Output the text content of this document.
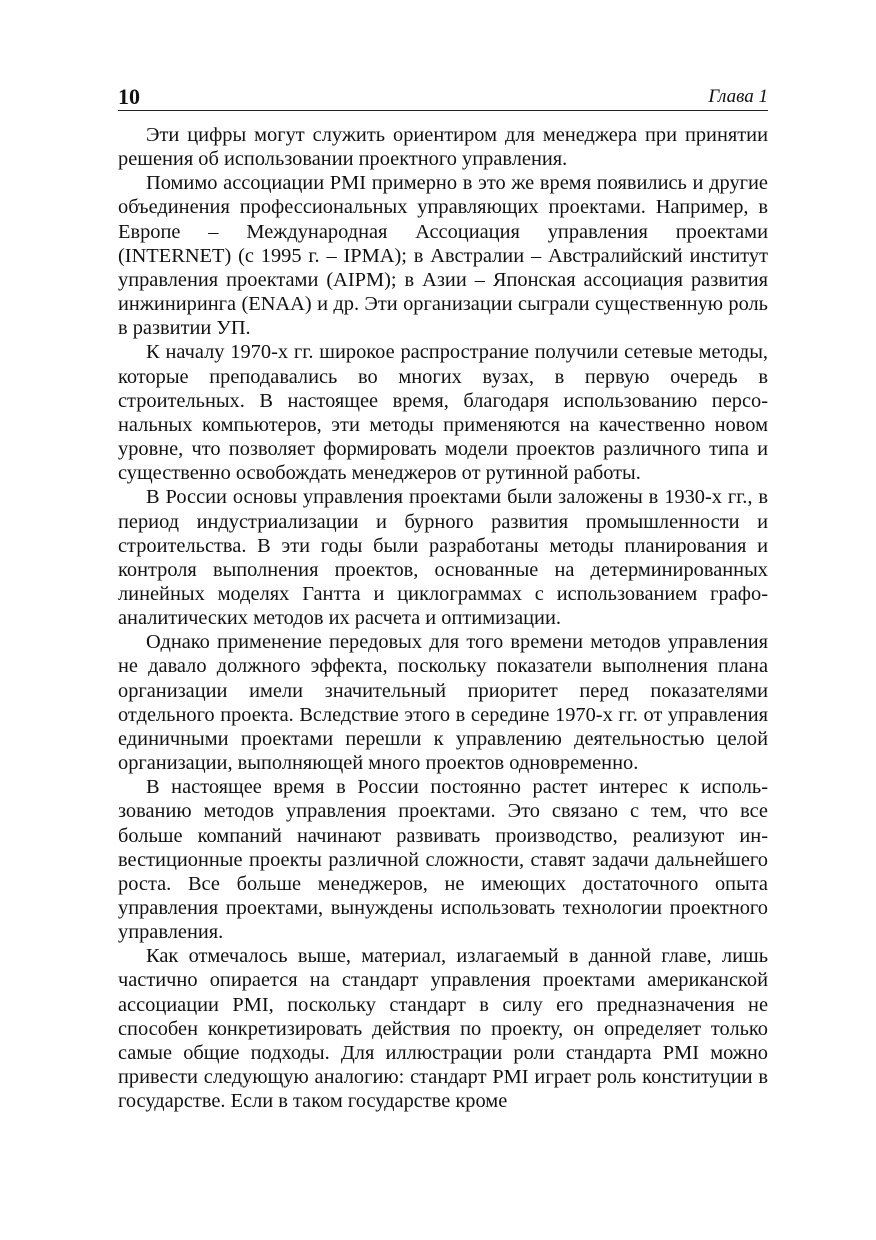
10	Глава 1

Эти цифры могут служить ориентиром для менеджера при принятии решения об использовании проектного управления.

Помимо ассоциации PMI примерно в это же время появились и другие объединения профессиональных управляющих проектами. Например, в Европе – Международная Ассоциация управления проектами (INTERNET) (с 1995 г. – IPMA); в Австралии – Австралийский институт управления проектами (AIPM); в Азии – Японская ассоциация развития инжиниринга (ENAA) и др. Эти организации сыграли существенную роль в развитии УП.

К началу 1970-х гг. широкое распространие получили сетевые методы, которые преподавались во многих вузах, в первую очередь в строительных. В настоящее время, благодаря использованию персональных компьютеров, эти методы применяются на качественно новом уровне, что позволяет формировать модели проектов различного типа и существенно освобождать менеджеров от рутинной работы.

В России основы управления проектами были заложены в 1930-х гг., в период индустриализации и бурного развития промышленности и строительства. В эти годы были разработаны методы планирования и контроля выполнения проектов, основанные на детерминированных линейных моделях Гантта и циклограммах с использованием графоаналитических методов их расчета и оптимизации.

Однако применение передовых для того времени методов управления не давало должного эффекта, поскольку показатели выполнения плана организации имели значительный приоритет перед показателями отдельного проекта. Вследствие этого в середине 1970-х гг. от управления единичными проектами перешли к управлению деятельностью целой организации, выполняющей много проектов одновременно.

В настоящее время в России постоянно растет интерес к использованию методов управления проектами. Это связано с тем, что все больше компаний начинают развивать производство, реализуют инвестиционные проекты различной сложности, ставят задачи дальнейшего роста. Все больше менеджеров, не имеющих достаточного опыта управления проектами, вынуждены использовать технологии проектного управления.

Как отмечалось выше, материал, излагаемый в данной главе, лишь частично опирается на стандарт управления проектами американской ассоциации PMI, поскольку стандарт в силу его предназначения не способен конкретизировать действия по проекту, он определяет только самые общие подходы. Для иллюстрации роли стандарта PMI можно привести следующую аналогию: стандарт PMI играет роль конституции в государстве. Если в таком государстве кроме
